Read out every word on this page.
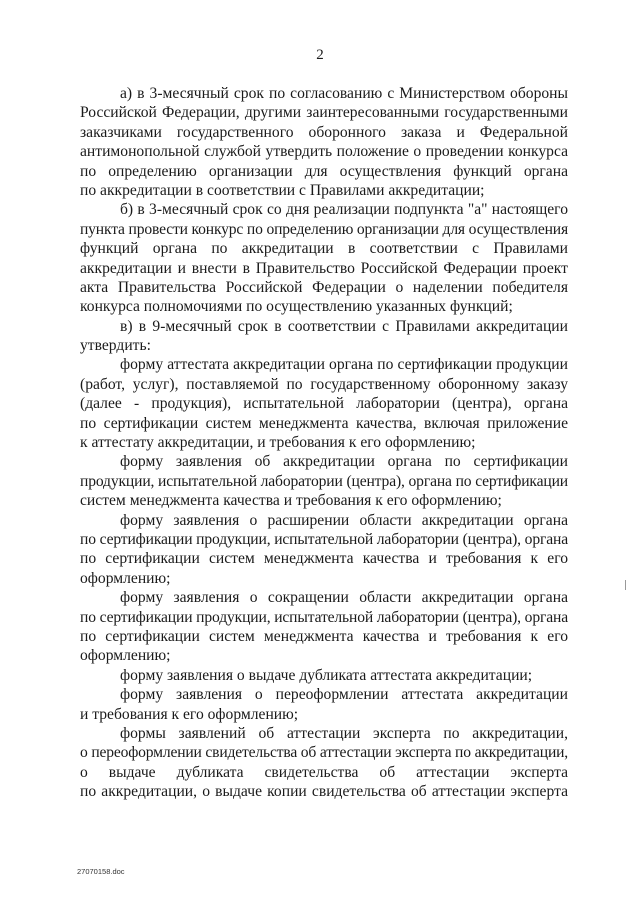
2
а) в 3-месячный срок по согласованию с Министерством обороны
Российской Федерации, другими заинтересованными государственными
заказчиками государственного оборонного заказа и Федеральной
антимонопольной службой утвердить положение о проведении конкурса
по определению организации для осуществления функций органа
по аккредитации в соответствии с Правилами аккредитации;
б) в 3-месячный срок со дня реализации подпункта "а" настоящего
пункта провести конкурс по определению организации для осуществления
функций органа по аккредитации в соответствии с Правилами
аккредитации и внести в Правительство Российской Федерации проект
акта Правительства Российской Федерации о наделении победителя
конкурса полномочиями по осуществлению указанных функций;
в) в 9-месячный срок в соответствии с Правилами аккредитации
утвердить:
форму аттестата аккредитации органа по сертификации продукции
(работ, услуг), поставляемой по государственному оборонному заказу
(далее - продукция), испытательной лаборатории (центра), органа
по сертификации систем менеджмента качества, включая приложение
к аттестату аккредитации, и требования к его оформлению;
форму заявления об аккредитации органа по сертификации
продукции, испытательной лаборатории (центра), органа по сертификации
систем менеджмента качества и требования к его оформлению;
форму заявления о расширении области аккредитации органа
по сертификации продукции, испытательной лаборатории (центра), органа
по сертификации систем менеджмента качества и требования к его
оформлению;
форму заявления о сокращении области аккредитации органа
по сертификации продукции, испытательной лаборатории (центра), органа
по сертификации систем менеджмента качества и требования к его
оформлению;
форму заявления о выдаче дубликата аттестата аккредитации;
форму заявления о переоформлении аттестата аккредитации
и требования к его оформлению;
формы заявлений об аттестации эксперта по аккредитации,
о переоформлении свидетельства об аттестации эксперта по аккредитации,
о выдаче дубликата свидетельства об аттестации эксперта
по аккредитации, о выдаче копии свидетельства об аттестации эксперта
27070158.doc
